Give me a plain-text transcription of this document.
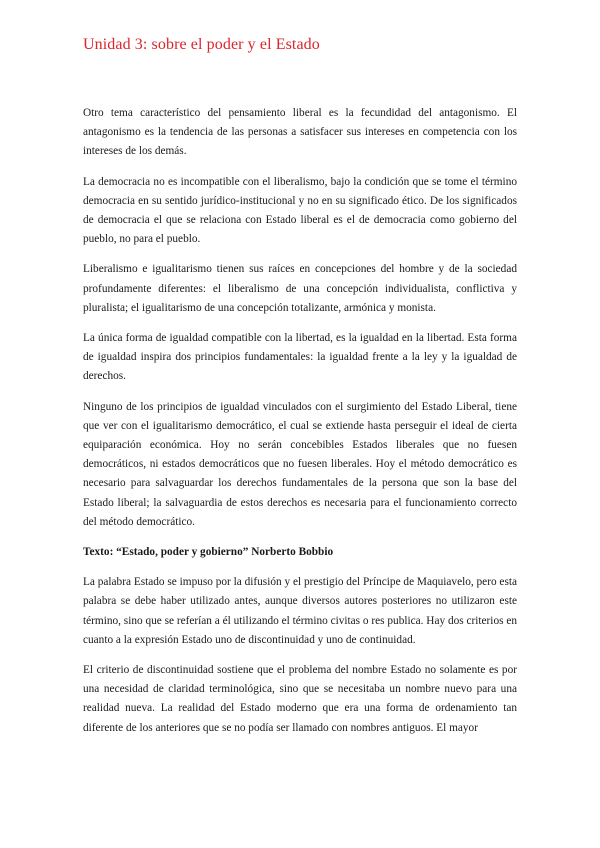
Unidad 3: sobre el poder y el Estado

Otro tema característico del pensamiento liberal es la fecundidad del antagonismo. El antagonismo es la tendencia de las personas a satisfacer sus intereses en competencia con los intereses de los demás.

La democracia no es incompatible con el liberalismo, bajo la condición que se tome el término democracia en su sentido jurídico-institucional y no en su significado ético. De los significados de democracia el que se relaciona con Estado liberal es el de democracia como gobierno del pueblo, no para el pueblo.

Liberalismo e igualitarismo tienen sus raíces en concepciones del hombre y de la sociedad profundamente diferentes: el liberalismo de una concepción individualista, conflictiva y pluralista; el igualitarismo de una concepción totalizante, armónica y monista.

La única forma de igualdad compatible con la libertad, es la igualdad en la libertad. Esta forma de igualdad inspira dos principios fundamentales: la igualdad frente a la ley y la igualdad de derechos.

Ninguno de los principios de igualdad vinculados con el surgimiento del Estado Liberal, tiene que ver con el igualitarismo democrático, el cual se extiende hasta perseguir el ideal de cierta equiparación económica. Hoy no serán concebibles Estados liberales que no fuesen democráticos, ni estados democráticos que no fuesen liberales. Hoy el método democrático es necesario para salvaguardar los derechos fundamentales de la persona que son la base del Estado liberal; la salvaguardia de estos derechos es necesaria para el funcionamiento correcto del método democrático.

Texto: “Estado, poder y gobierno” Norberto Bobbio

La palabra Estado se impuso por la difusión y el prestigio del Príncipe de Maquiavelo, pero esta palabra se debe haber utilizado antes, aunque diversos autores posteriores no utilizaron este término, sino que se referían a él utilizando el término civitas o res publica. Hay dos criterios en cuanto a la expresión Estado uno de discontinuidad y uno de continuidad.

El criterio de discontinuidad sostiene que el problema del nombre Estado no solamente es por una necesidad de claridad terminológica, sino que se necesitaba un nombre nuevo para una realidad nueva. La realidad del Estado moderno que era una forma de ordenamiento tan diferente de los anteriores que se no podía ser llamado con nombres antiguos. El mayor
